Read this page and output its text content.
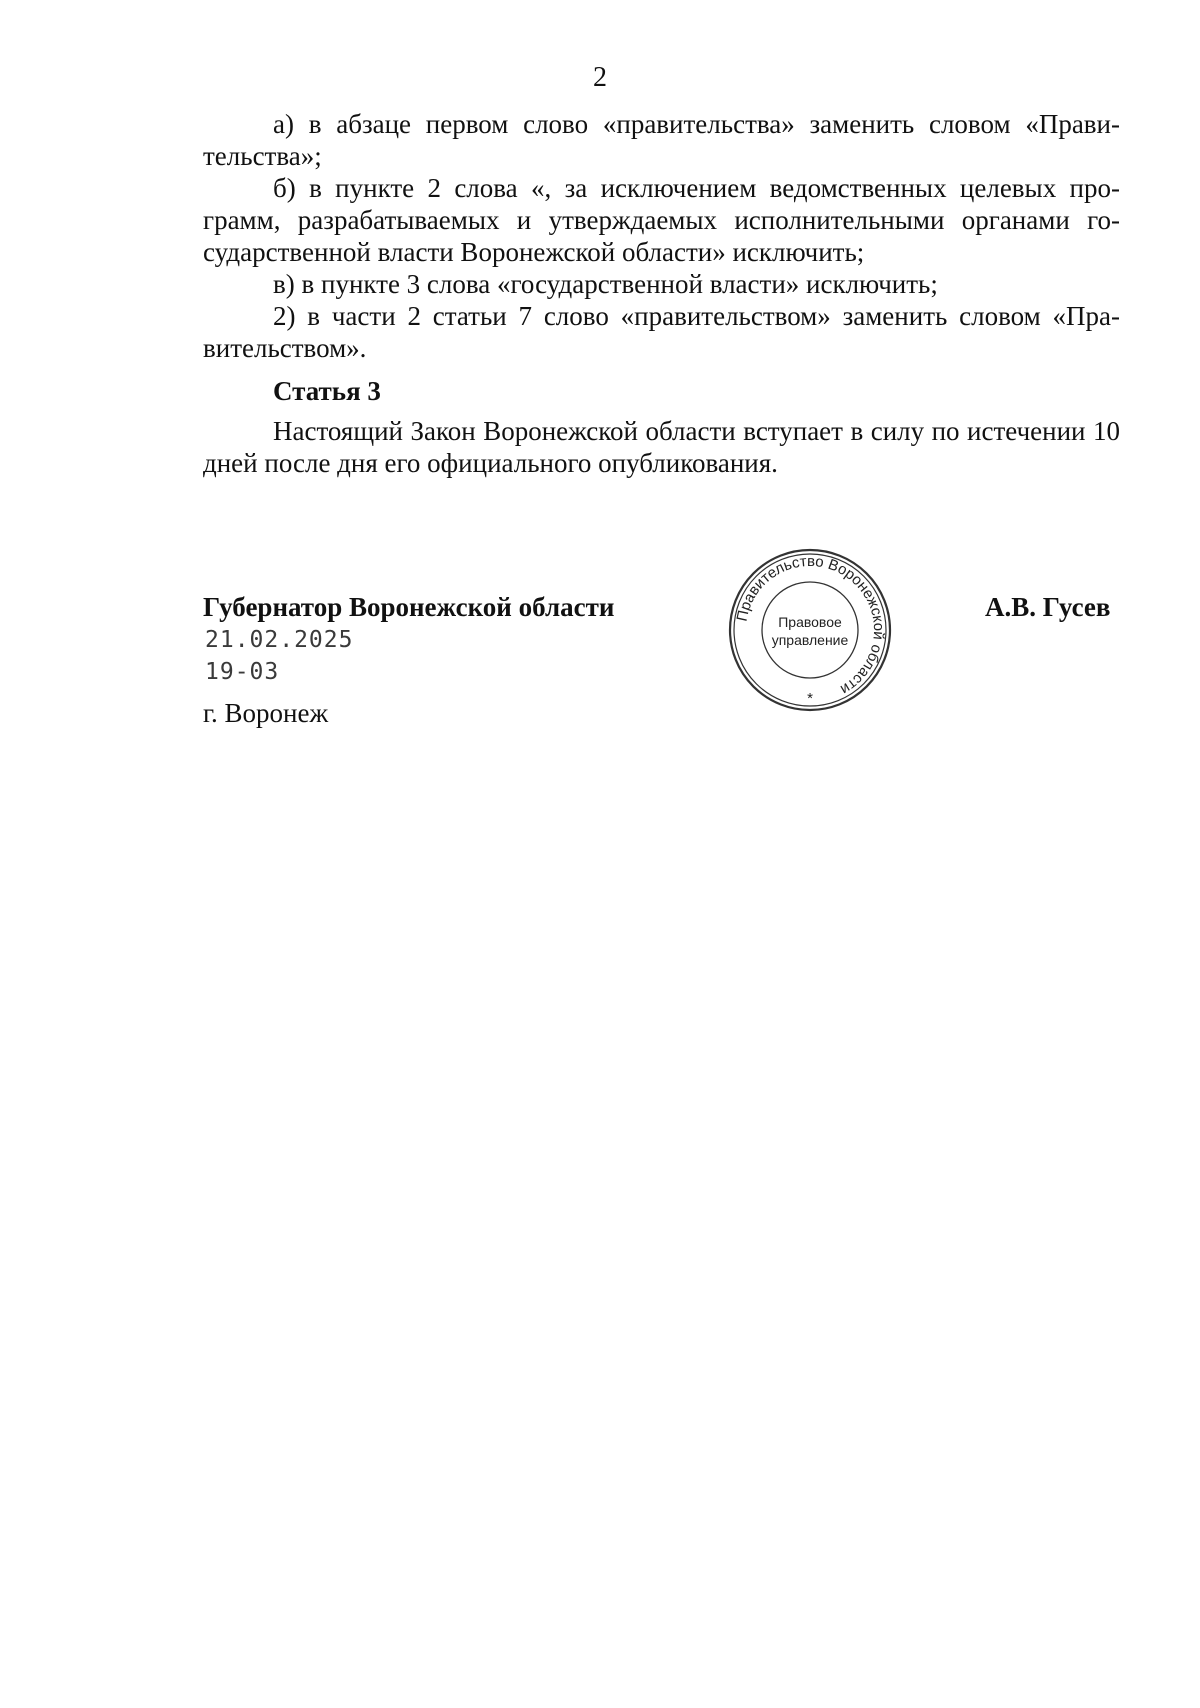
2

а) в абзаце первом слово «правительства» заменить словом «Правительства»;

б) в пункте 2 слова «, за исключением ведомственных целевых программ, разрабатываемых и утверждаемых исполнительными органами государственной власти Воронежской области» исключить;

в) в пункте 3 слова «государственной власти» исключить;

2) в части 2 статьи 7 слово «правительством» заменить словом «Правительством».

Статья 3

Настоящий Закон Воронежской области вступает в силу по истечении 10 дней после дня его официального опубликования.

Губернатор Воронежской области	А.В. Гусев
21.02.2025
19-03
г. Воронеж
Правительство Воронежской области
Правовое
управление
*
